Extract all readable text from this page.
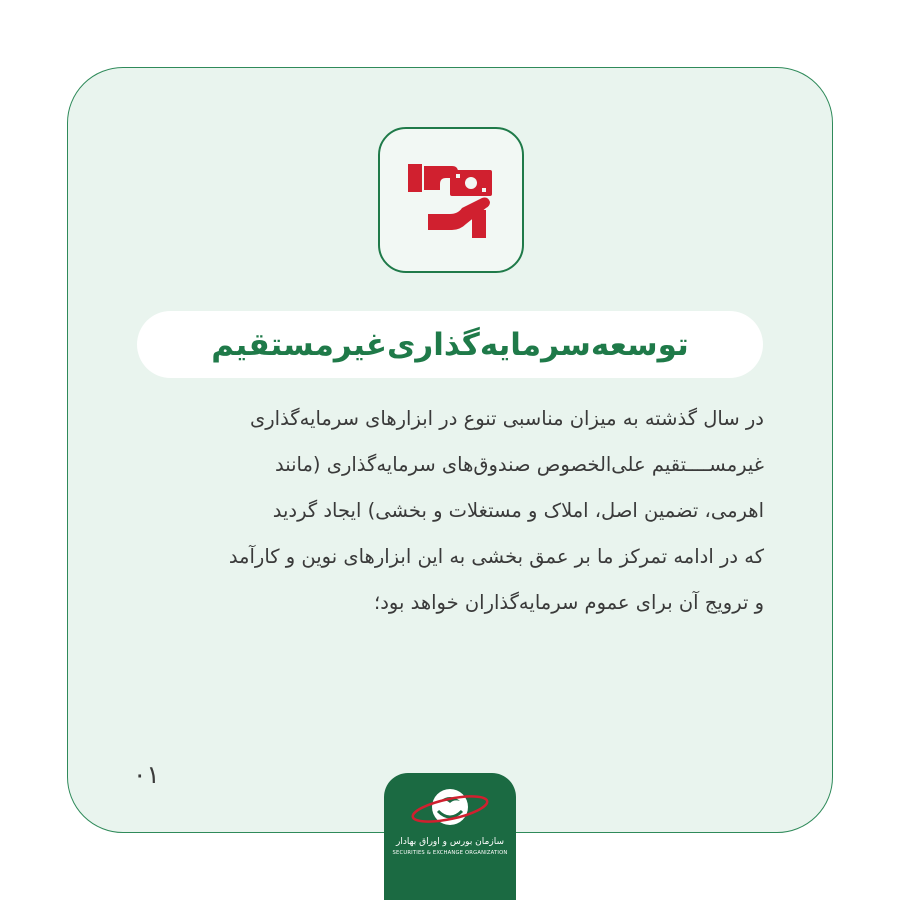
توسعه‌سرمایه‌گذاری‌غیرمستقیم
در سال گذشته به میزان مناسبی تنوع در ابزارهای سرمایه‌گذاری
غیرمســــتقیم علی‌الخصوص صندوق‌های سرمایه‌گذاری (مانند
اهرمی، تضمین اصل، املاک و مستغلات و بخشی) ایجاد گردید
که در ادامه تمرکز ما بر عمق بخشی به این ابزارهای نوین و کارآمد
و ترویج آن برای عموم سرمایه‌گذاران خواهد بود؛
۰۱
سازمان بورس و اوراق بهادار
SECURITIES & EXCHANGE ORGANIZATION
